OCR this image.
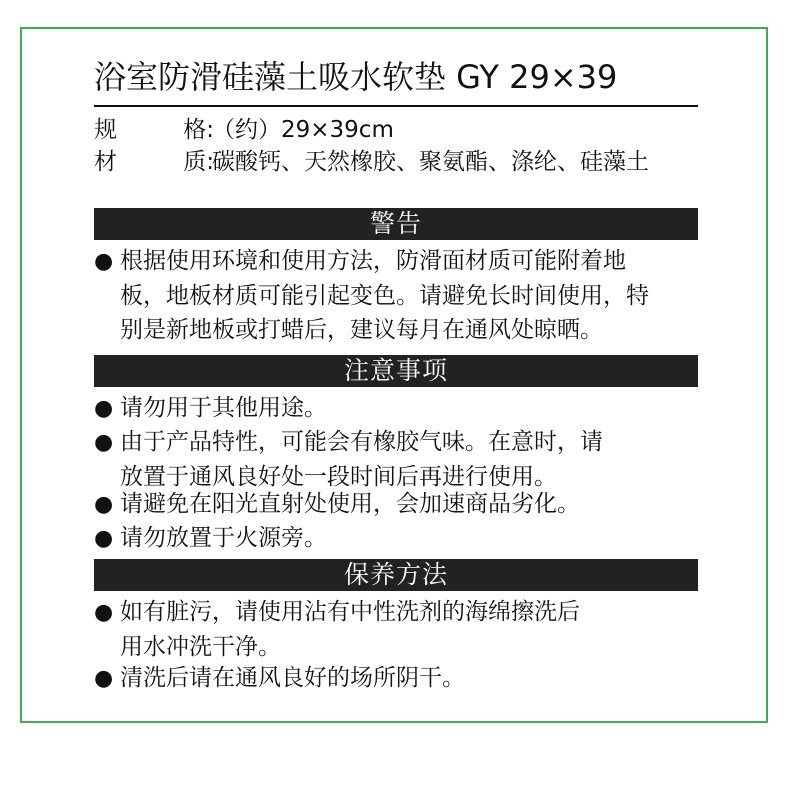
浴室防滑硅藻土吸水软垫 GY 29×39
规	格:
（约）29×39cm
材	质:
碳酸钙、天然橡胶、聚氨酯、涤纶、硅藻土
警告
● 根据使用环境和使用方法，防滑面材质可能附着地
板，地板材质可能引起变色。请避免长时间使用，特
别是新地板或打蜡后，建议每月在通风处晾晒。
注意事项
● 请勿用于其他用途。
● 由于产品特性，可能会有橡胶气味。在意时，请
放置于通风良好处一段时间后再进行使用。
● 请避免在阳光直射处使用，会加速商品劣化。
● 请勿放置于火源旁。
保养方法
● 如有脏污，请使用沾有中性洗剂的海绵擦洗后
用水冲洗干净。
● 清洗后请在通风良好的场所阴干。
